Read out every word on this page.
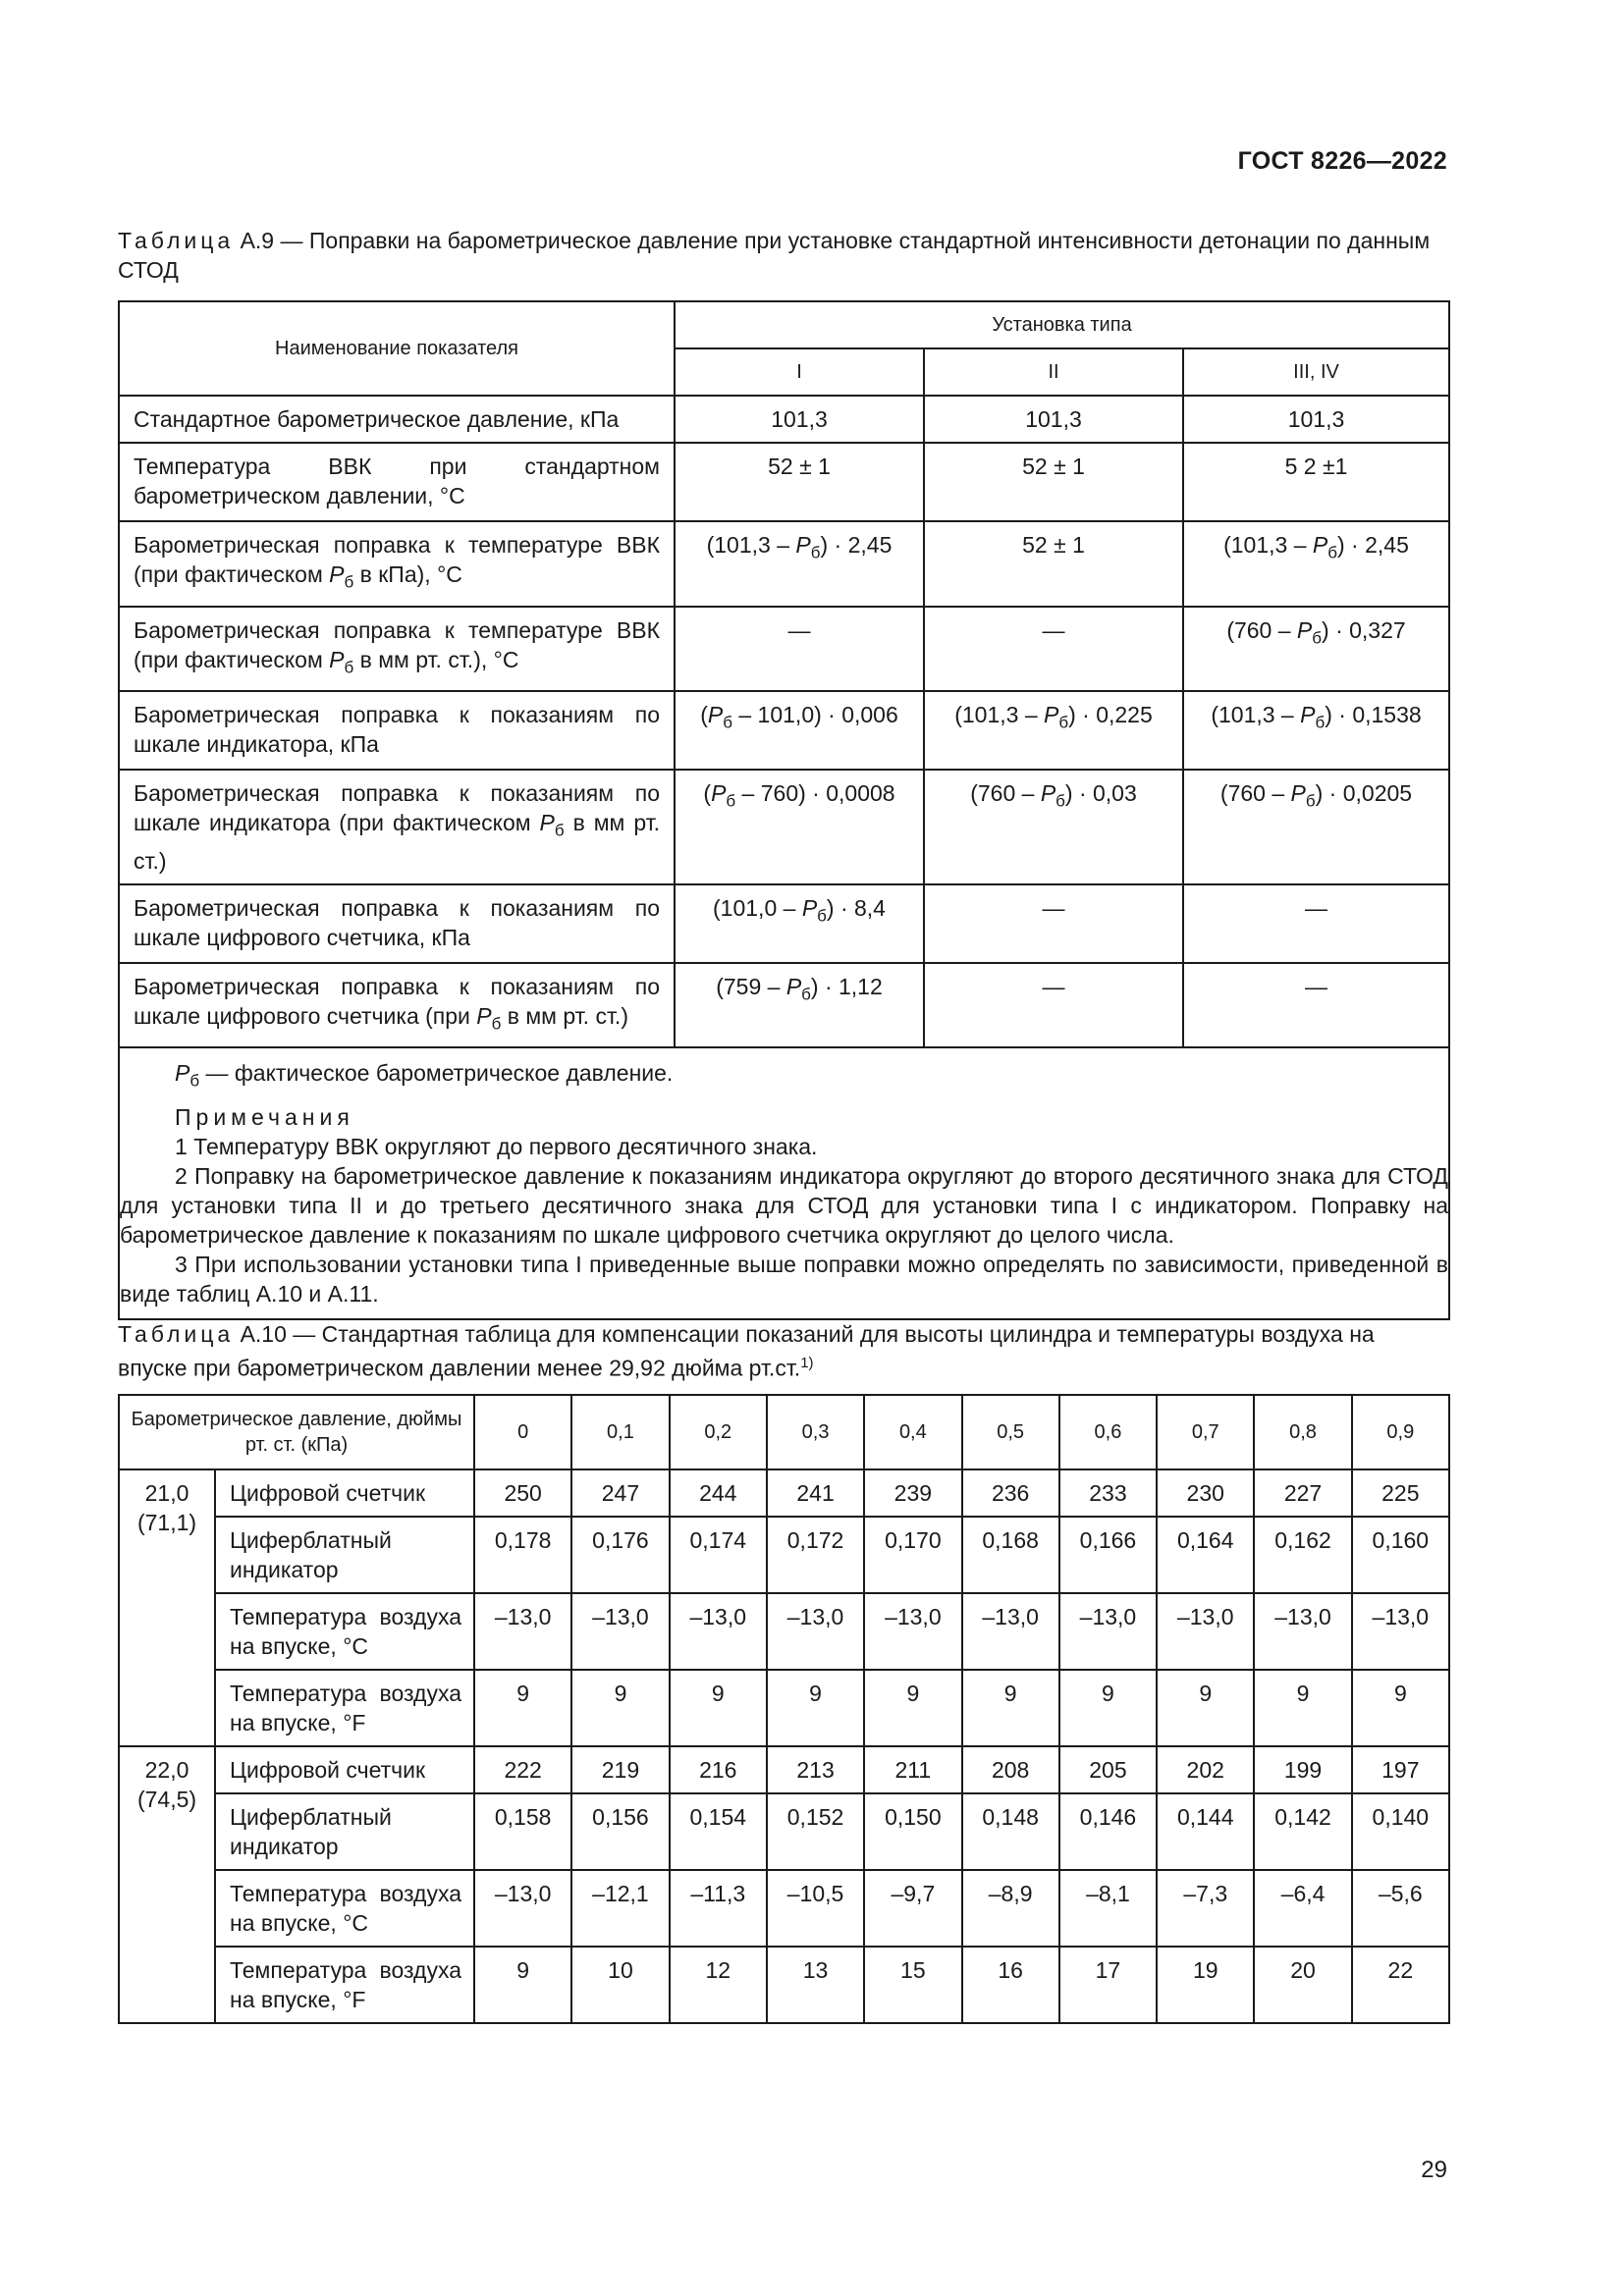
ГОСТ 8226—2022
Таблица А.9 — Поправки на барометрическое давление при установке стандартной интенсивности детонации по данным СТОД
Наименование показателя	Установка типа		
	I	II	III, IV
Стандартное барометрическое давление, кПа	101,3	101,3	101,3
Температура ВВК при стандартном барометрическом давлении, °С	52 ± 1	52 ± 1	5 2 ±1
Барометрическая поправка к температуре ВВК (при фактическом $P_б$ в кПа), °С	$(101,3 - P_б) \cdot 2,45$	52 ± 1	$(101,3 - P_б) \cdot 2,45$
Барометрическая поправка к температуре ВВК (при фактическом $P_б$ в мм рт. ст.), °С	—	—	$(760 - P_б) \cdot 0,327$
Барометрическая поправка к показаниям по шкале индикатора, кПа	$(P_б - 101,0) \cdot 0,006$	$(101,3 - P_б) \cdot 0,225$	$(101,3 - P_б) \cdot 0,1538$
Барометрическая поправка к показаниям по шкале индикатора (при фактическом $P_б$ в мм рт. ст.)	$(P_б - 760) \cdot 0,0008$	$(760 - P_б) \cdot 0,03$	$(760 - P_б) \cdot 0,0205$
Барометрическая поправка к показаниям по шкале цифрового счетчика, кПа	$(101,0 - P_б) \cdot 8,4$	—	—
Барометрическая поправка к показаниям по шкале цифрового счетчика (при $P_б$ в мм рт. ст.)	$(759 - P_б) \cdot 1,12$	—	—

$P_б$ — фактическое барометрическое давление.

Примечания

1 Температуру ВВК округляют до первого десятичного знака.

2 Поправку на барометрическое давление к показаниям индикатора округляют до второго десятичного знака для СТОД для установки типа II и до третьего десятичного знака для СТОД для установки типа I с индикатором. Поправку на барометрическое давление к показаниям по шкале цифрового счетчика округляют до целого числа.

3 При использовании установки типа I приведенные выше поправки можно определять по зависимости, приведенной в виде таблиц А.10 и А.11.			

Таблица А.10 — Стандартная таблица для компенсации показаний для высоты цилиндра и температуры воздуха на впуске при барометрическом давлении менее 29,92 дюйма рт.ст.$^{1)}$
Барометрическое давление, дюймы рт. ст. (кПа)		0	0,1	0,2	0,3	0,4	0,5	0,6	0,7	0,8	0,9
21,0 (71,1)	Цифровой счетчик	250	247	244	241	239	236	233	230	227	225
	Циферблатный индикатор	0,178	0,176	0,174	0,172	0,170	0,168	0,166	0,164	0,162	0,160
	Температура воздуха на впуске, °С	–13,0	–13,0	–13,0	–13,0	–13,0	–13,0	–13,0	–13,0	–13,0	–13,0
	Температура воздуха на впуске, °F	9	9	9	9	9	9	9	9	9	9
22,0 (74,5)	Цифровой счетчик	222	219	216	213	211	208	205	202	199	197
	Циферблатный индикатор	0,158	0,156	0,154	0,152	0,150	0,148	0,146	0,144	0,142	0,140
	Температура воздуха на впуске, °С	–13,0	–12,1	–11,3	–10,5	–9,7	–8,9	–8,1	–7,3	–6,4	–5,6
	Температура воздуха на впуске, °F	9	10	12	13	15	16	17	19	20	22
29
